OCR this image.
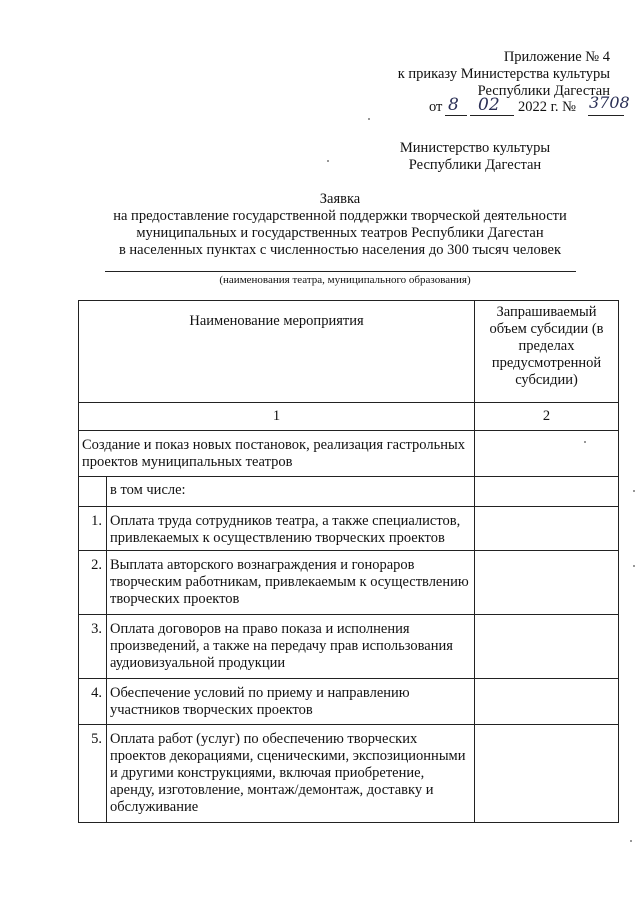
Приложение № 4
к приказу Министерства культуры
Республики Дагестан
от 8 02 2022 г. № 3708
Министерство культуры
Республики Дагестан
Заявка
на предоставление государственной поддержки творческой деятельности
муниципальных и государственных театров Республики Дагестан
в населенных пунктах с численностью населения до 300 тысяч человек
(наименования театра, муниципального образования)
Наименование мероприятия		Запрашиваемый объем субсидии (в пределах предусмотренной субсидии)
1		2
Создание и показ новых постановок, реализация гастрольных проектов муниципальных театров		
	в том числе:	
1.	Оплата труда сотрудников театра, а также специалистов, привлекаемых к осуществлению творческих проектов	
2.	Выплата авторского вознаграждения и гонораров творческим работникам, привлекаемым к осуществлению творческих проектов	
3.	Оплата договоров на право показа и исполнения произведений, а также на передачу прав использования аудиовизуальной продукции	
4.	Обеспечение условий по приему и направлению участников творческих проектов	
5.	Оплата работ (услуг) по обеспечению творческих проектов декорациями, сценическими, экспозиционными и другими конструкциями, включая приобретение, аренду, изготовление, монтаж/демонтаж, доставку и обслуживание	
